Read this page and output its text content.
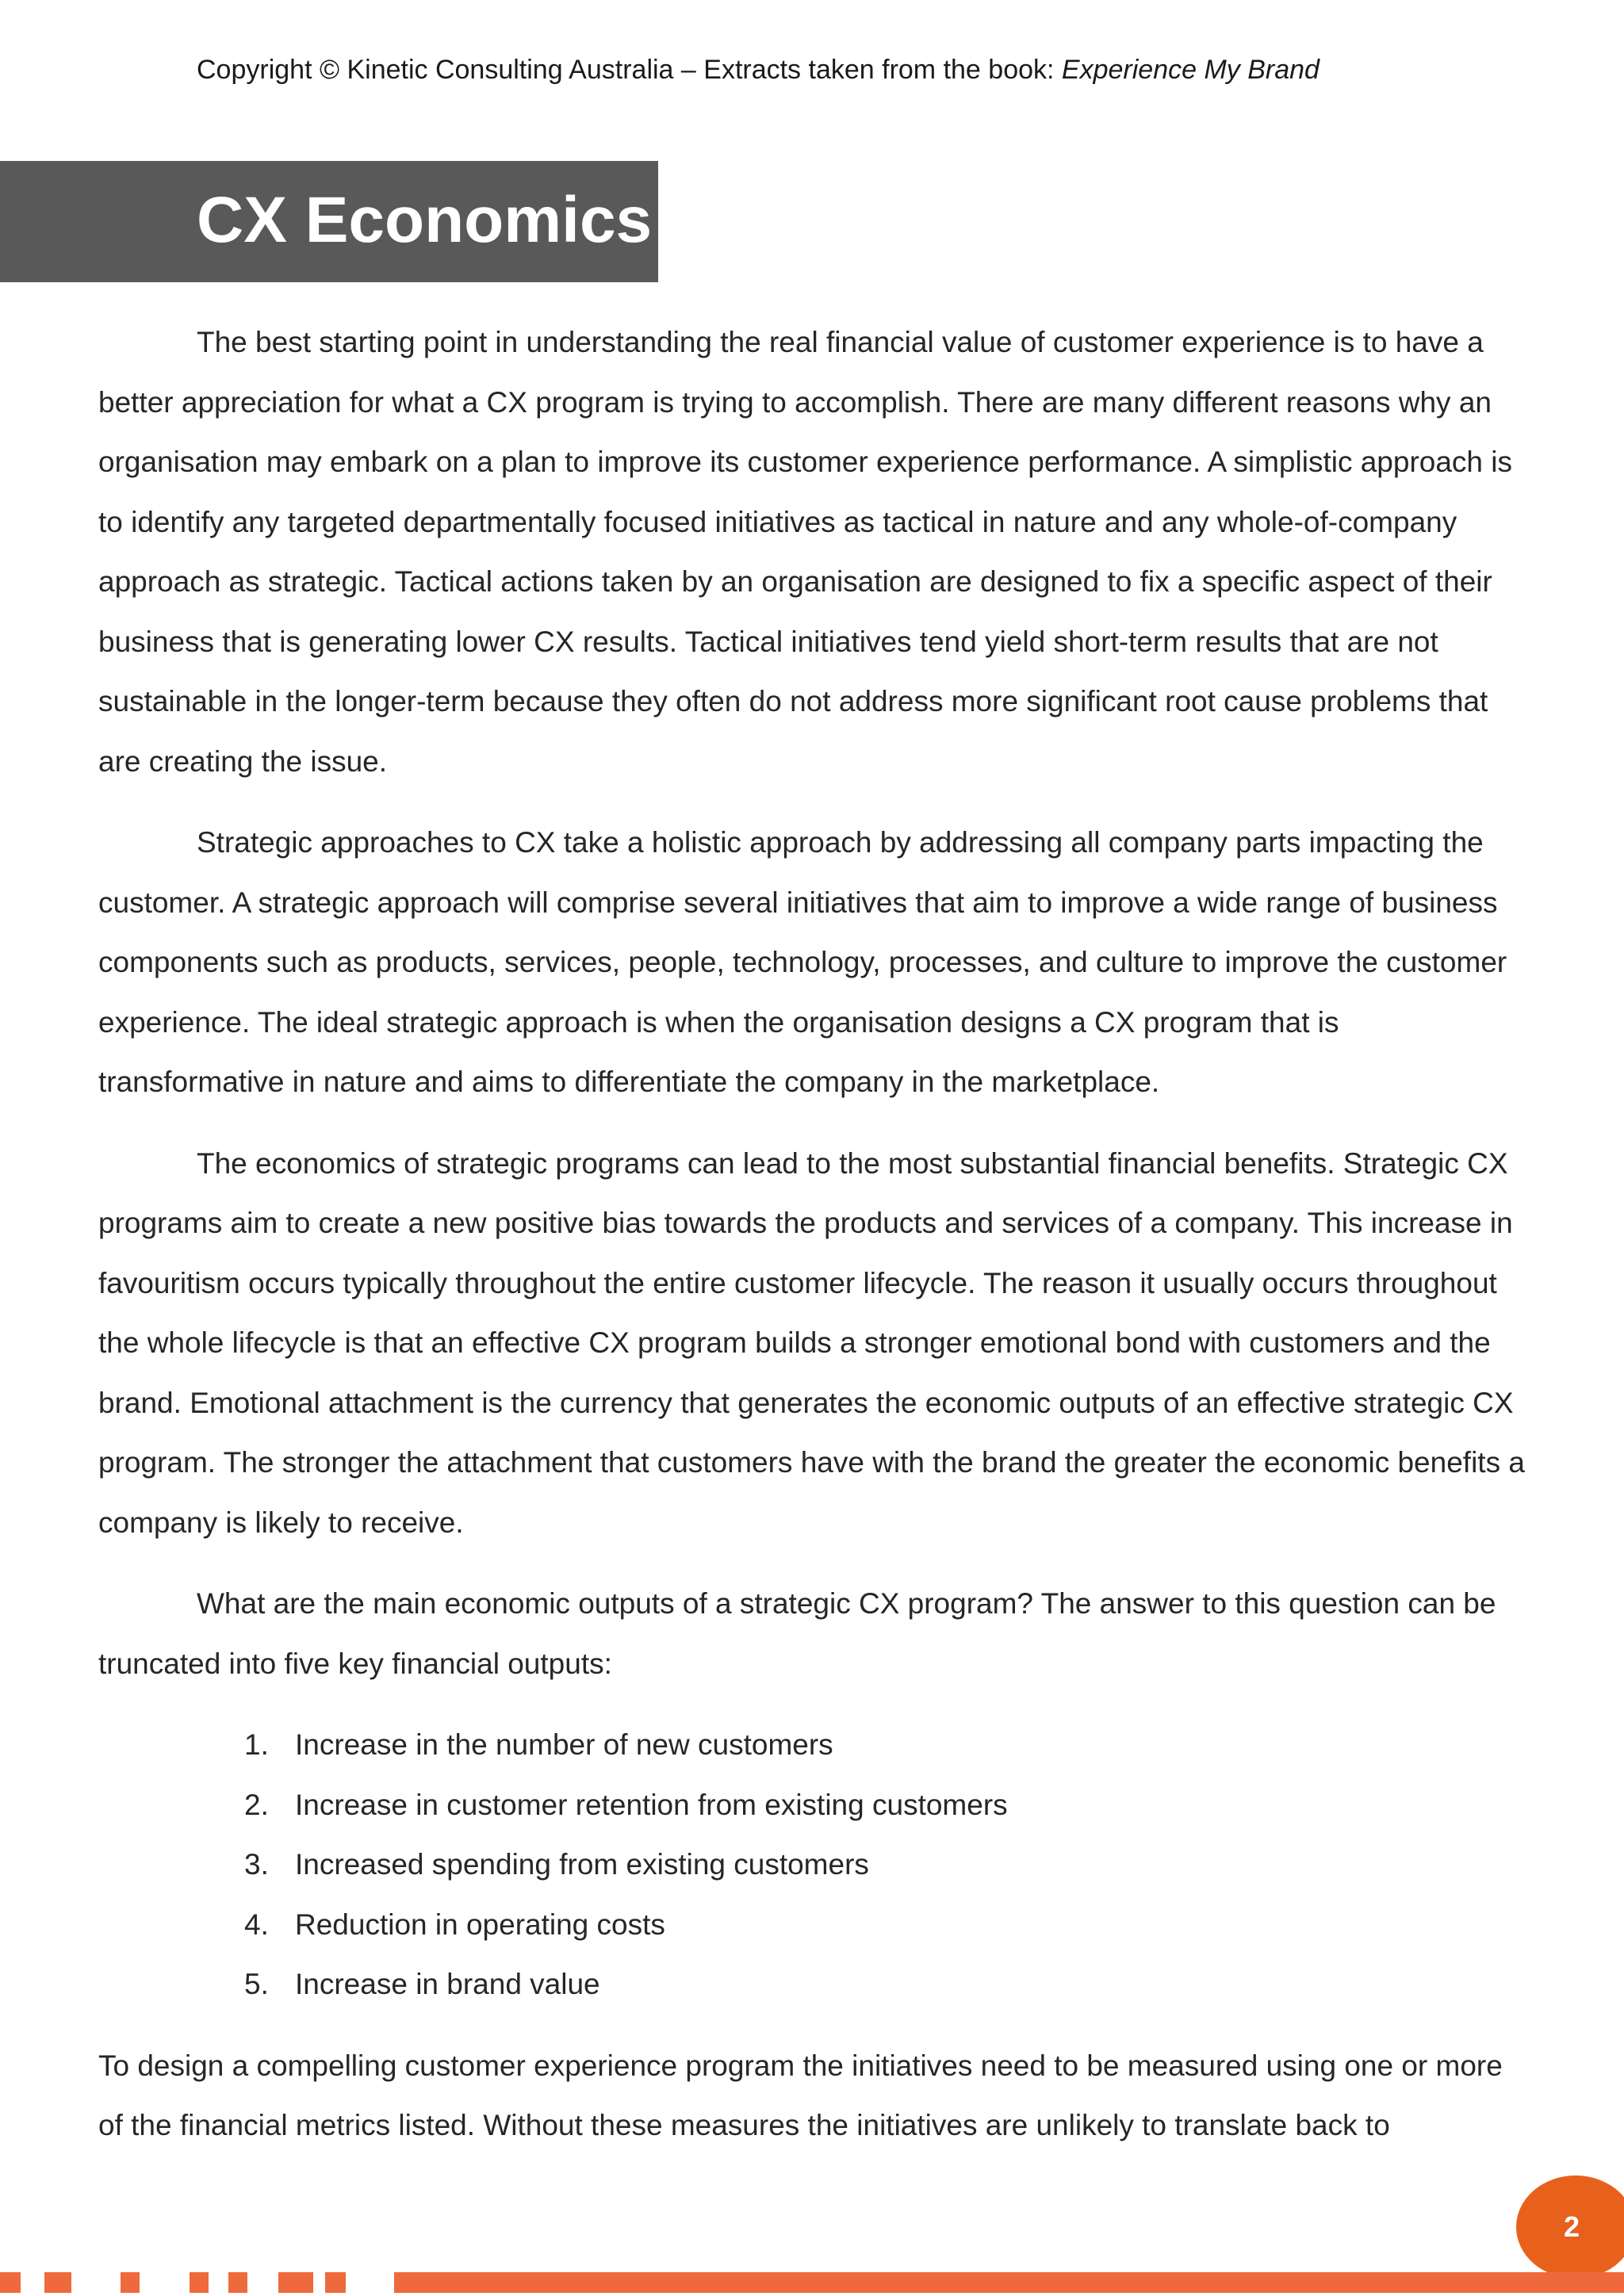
Copyright © Kinetic Consulting Australia – Extracts taken from the book: Experience My Brand
CX Economics

The best starting point in understanding the real financial value of customer experience is to have a better appreciation for what a CX program is trying to accomplish. There are many different reasons why an organisation may embark on a plan to improve its customer experience performance. A simplistic approach is to identify any targeted departmentally focused initiatives as tactical in nature and any whole-of-company approach as strategic. Tactical actions taken by an organisation are designed to fix a specific aspect of their business that is generating lower CX results. Tactical initiatives tend yield short-term results that are not sustainable in the longer-term because they often do not address more significant root cause problems that are creating the issue.

Strategic approaches to CX take a holistic approach by addressing all company parts impacting the customer. A strategic approach will comprise several initiatives that aim to improve a wide range of business components such as products, services, people, technology, processes, and culture to improve the customer experience. The ideal strategic approach is when the organisation designs a CX program that is transformative in nature and aims to differentiate the company in the marketplace.

The economics of strategic programs can lead to the most substantial financial benefits. Strategic CX programs aim to create a new positive bias towards the products and services of a company. This increase in favouritism occurs typically throughout the entire customer lifecycle. The reason it usually occurs throughout the whole lifecycle is that an effective CX program builds a stronger emotional bond with customers and the brand. Emotional attachment is the currency that generates the economic outputs of an effective strategic CX program. The stronger the attachment that customers have with the brand the greater the economic benefits a company is likely to receive.

What are the main economic outputs of a strategic CX program? The answer to this question can be truncated into five key financial outputs:

1. Increase in the number of new customers
2. Increase in customer retention from existing customers
3. Increased spending from existing customers
4. Reduction in operating costs
5. Increase in brand value

To design a compelling customer experience program the initiatives need to be measured using one or more of the financial metrics listed. Without these measures the initiatives are unlikely to translate back to

2
